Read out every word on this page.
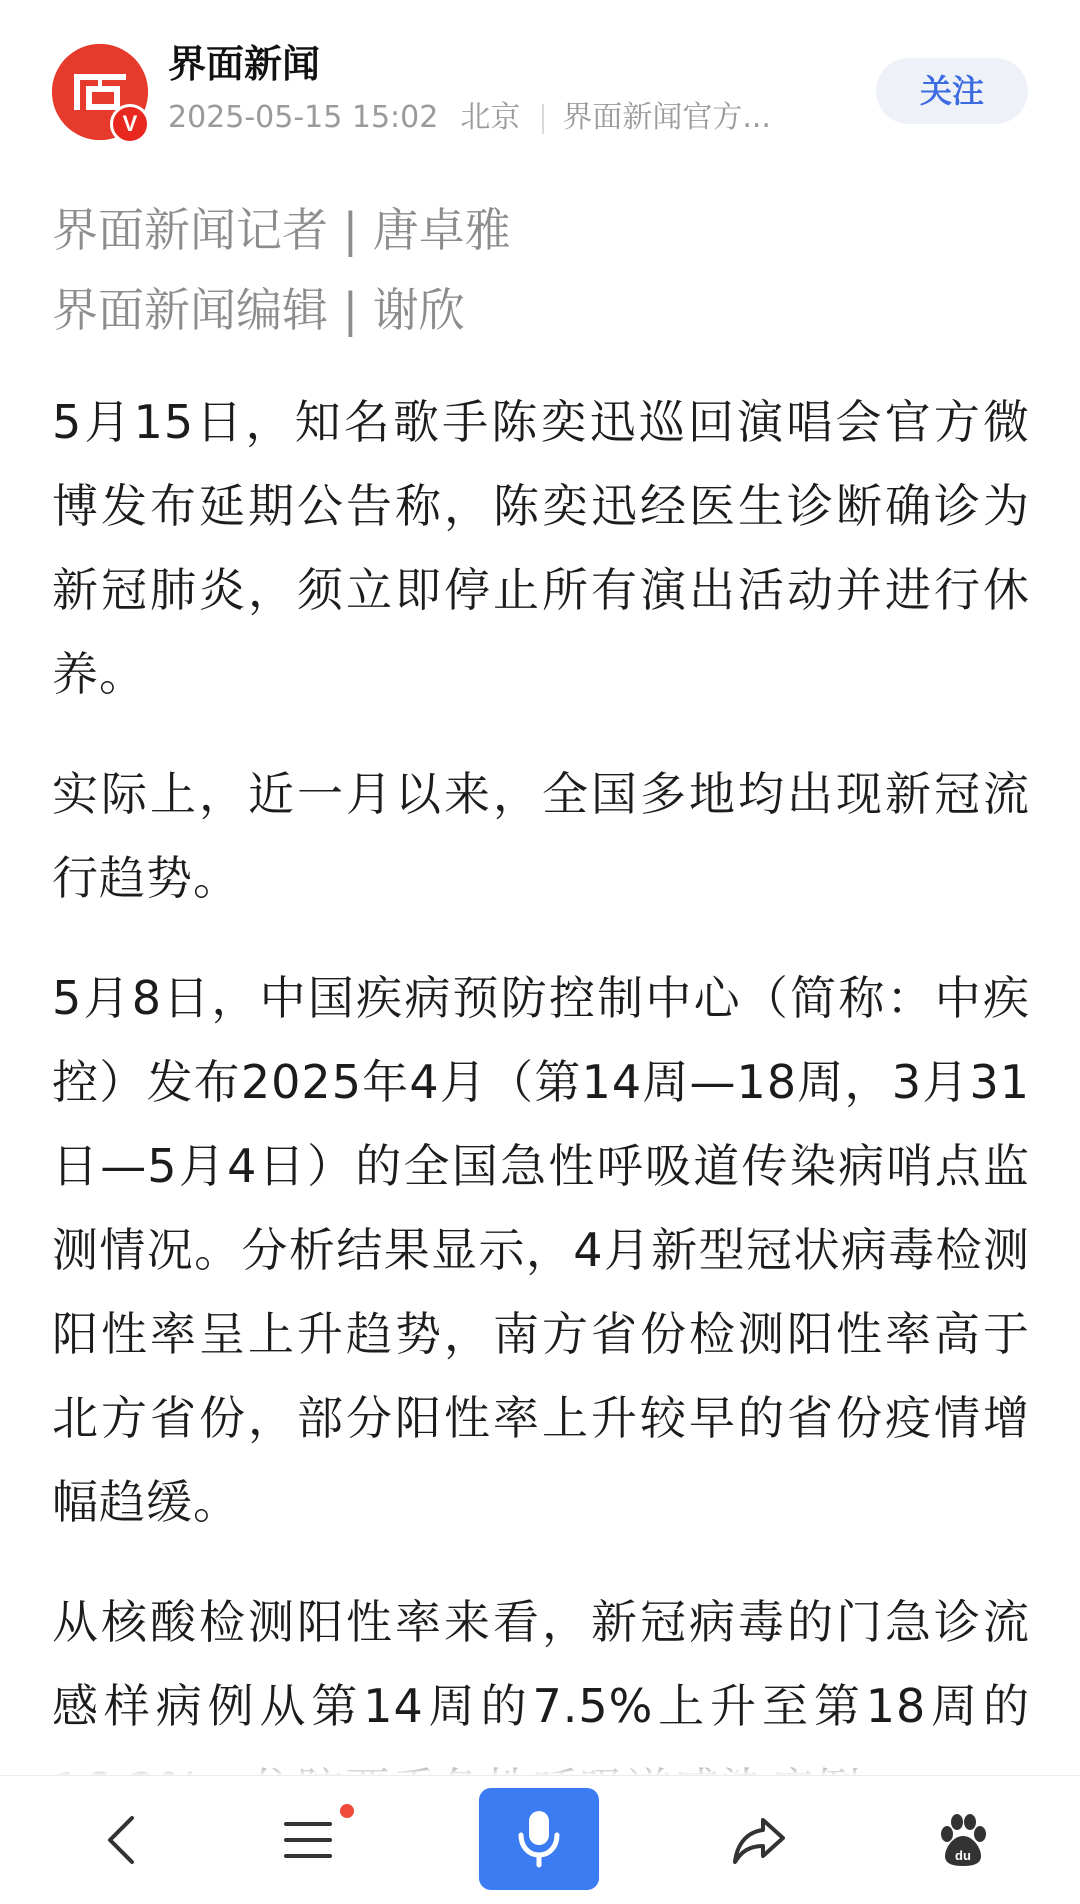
V
界面新闻
2025-05-15 15:02 北京 界面新闻官方...
关注
界面新闻记者 | 唐卓雅
界面新闻编辑 | 谢欣

5月15日，知名歌手陈奕迅巡回演唱会官方微博发布延期公告称，陈奕迅经医生诊断确诊为新冠肺炎，须立即停止所有演出活动并进行休养。

实际上，近一月以来，全国多地均出现新冠流行趋势。

5月8日，中国疾病预防控制中心（简称：中疾控）发布2025年4月（第14周—18周，3月31日—5月4日）的全国急性呼吸道传染病哨点监测情况。分析结果显示，4月新型冠状病毒检测阳性率呈上升趋势，南方省份检测阳性率高于北方省份，部分阳性率上升较早的省份疫情增幅趋缓。

从核酸检测阳性率来看，新冠病毒的门急诊流感样病例从第14周的7.5%上升至第18周的

du
